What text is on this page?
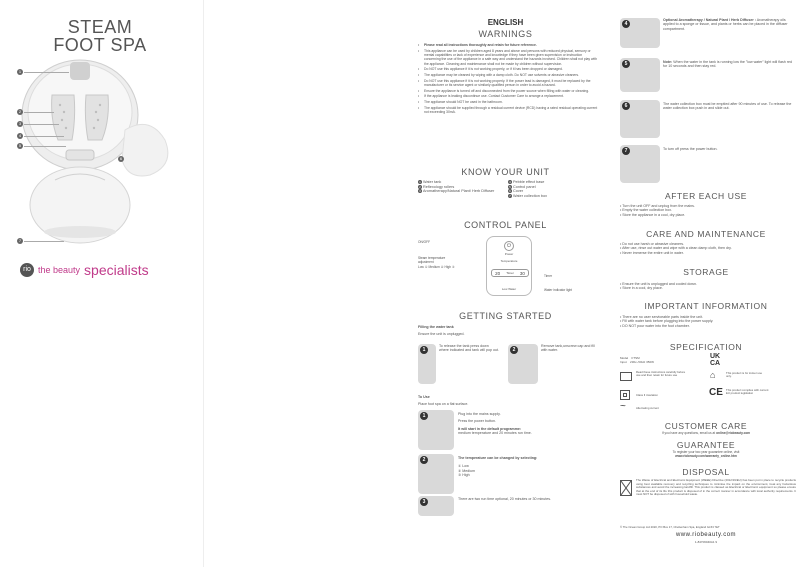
STEAM
FOOT SPA
1
2
3
4
5
6
7
rio the beauty specialists
ENGLISH
WARNINGS
• Please read all instructions thoroughly and retain for future reference.
• This appliance can be used by children aged 8 years and above and persons with reduced physical, sensory or mental capabilities or lack of experience and knowledge if they have been given supervision or instruction concerning the use of the appliance in a safe way and understand the hazards involved. Children shall not play with the appliance. Cleaning and maintenance shall not be made by children without supervision.
• Do NOT use this appliance if it is not working properly, or if it has been dropped or damaged.
• The appliance may be cleaned by wiping with a damp cloth. Do NOT use solvents or abrasive cleaners.
• Do NOT use this appliance if it is not working properly. If the power lead is damaged, it must be replaced by the manufacturer or its service agent or similarly qualified person in order to avoid a hazard.
• Ensure the appliance is turned off and disconnected from the power source when filling with water or cleaning.
• If the appliance is leaking discontinue use. Contact Customer Care to arrange a replacement.
• The appliance should NOT be used in the bathroom.
• The appliance should be supplied through a residual current device (RCD) having a rated residual operating current not exceeding 30mA.
KNOW YOUR UNIT
1 Water tank
2 Reflexology rollers
3 Aromatherapy/Natural Plant/ Herb Diffuser
4 Pebble effect base
5 Control panel
6 Cover
7 Water collection box
CONTROL PANEL
⏻
Power
Temperature
20 Timer 30
Low Water
ON/OFF
Steam temperature adjustment
Low ① Medium ② High ③
Timer
Water indicator light
GETTING STARTED
Filling the water tank
Ensure the unit is unplugged.
1
To release the tank press down where indicated and tank will pop out.	2
Remove tank,unscrew cap and fill with water.
To Use
Place foot spa on a flat surface.
1	Plug into the mains supply.
Press the power button.
It will start in the default programme:
medium temperature and 20 minutes run time.
2	The temperature can be changed by selecting:
① Low
② Medium
③ High
3	There are two run time optional, 20 minutes or 30 minutes.
4
Optional Aromatherapy / Natural Plant / Herb Diffuser : Aromatherapy oils applied to a sponge or tissue, and plants or herbs can be placed in the diffuser compartment.
5	Note: When the water in the tank is running low the "low water" light will flash red for 10 seconds and then stay red.
6	The water collection box must be emptied after 90 minutes of use. To release the water collection box push in and slide out.
7	To turn off press the power button.
AFTER EACH USE
• Turn the unit OFF and unplug from the mains.
• Empty the water collection box.
• Store the appliance in a cool, dry place.
CARE AND MAINTENANCE
• Do not use harsh or abrasive cleaners.
• After use, rinse out water and wipe with a clean damp cloth, then dry.
• Never immerse the entire unit in water.
STORAGE
• Ensure the unit is unplugged and cooled down.
• Store in a cool, dry place.
IMPORTANT INFORMATION
• There are no user serviceable parts inside the unit.
• Fill with water tank before plugging into the power supply.
• DO NOT pour water into the foot chamber.
SPECIFICATION
Model FTSM
Input 230v~50Hz 350W
UK CA
Read these instructions carefully before use and then retain for future use	⌂	This product is for indoor use only.
Class II insulation	CE This product complies with current EU product legislation
~	Alternating current
CUSTOMER CARE
If you have any questions, email us at online@riobeauty.com
GUARANTEE
To register your two year guarantee online, visit
www.riobeauty.com/warranty_online.htm
DISPOSAL
The Waste of Electrical and Electronic Equipment (WEEE) Directive (2012/19/EU) has been put in place to recycle products using best available recovery and recycling techniques to minimise the impact on the environment, treat any hazardous substances and avoid the increasing landfill. This product is classed as Electrical or Electronic equipment so please ensure that at the end of its life this product is disposed of in the correct manner in accordance with local authority requirements. It must NOT be disposed of with household waste.
© The Ocean Group Ltd 2020, PO Box 17, Cheltenham Spa, England GL53 7ET
www.riobeauty.com
1-84706040A1 9
